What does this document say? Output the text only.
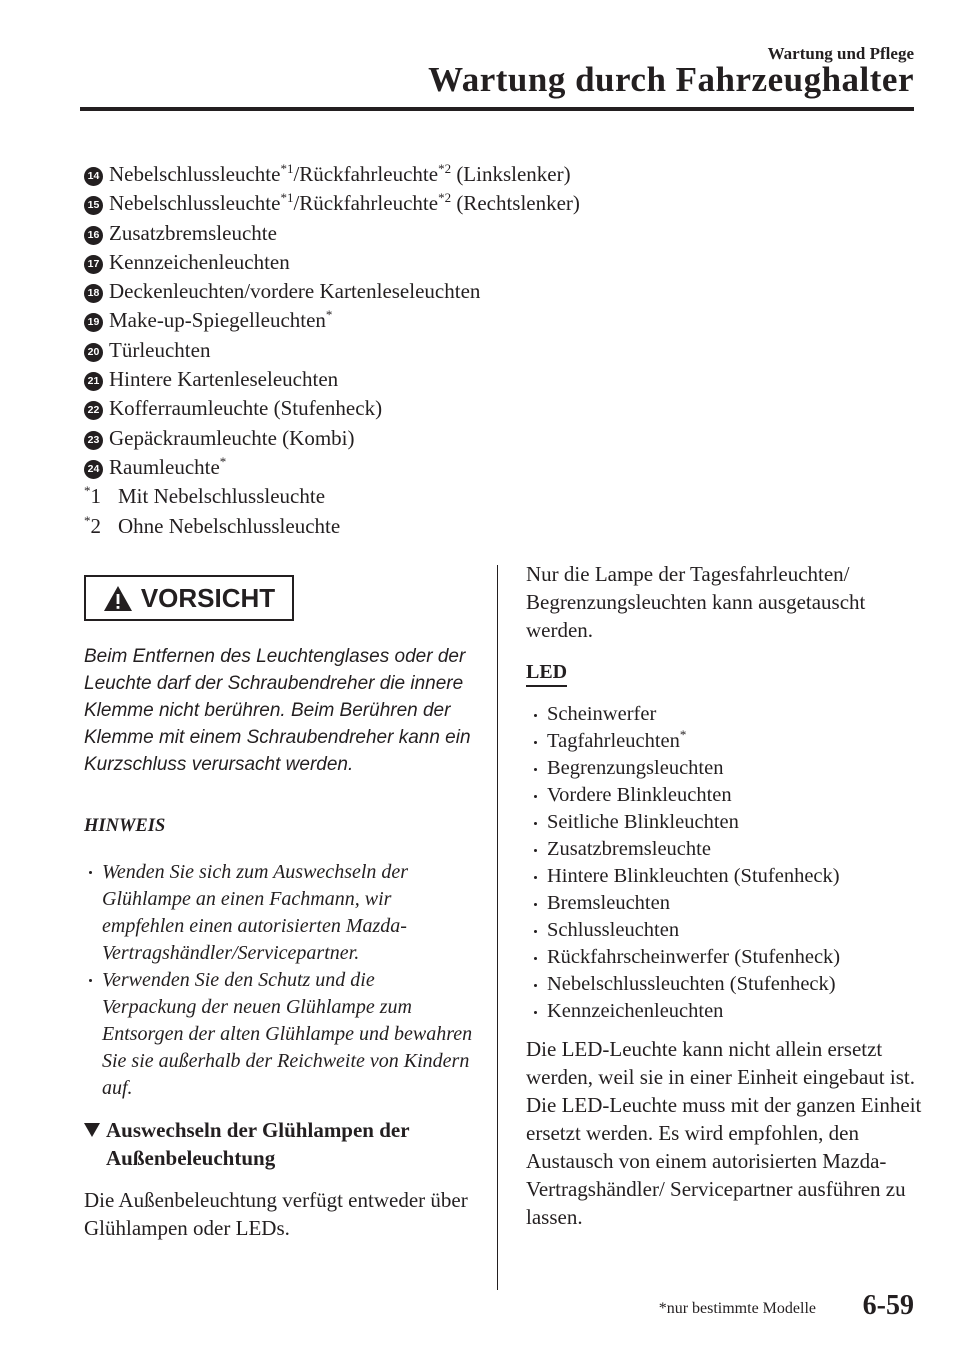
Wartung und Pflege
Wartung durch Fahrzeughalter
14 Nebelschlussleuchte$^{*1}$/Rückfahrleuchte$^{*2}$ (Linkslenker)
15 Nebelschlussleuchte$^{*1}$/Rückfahrleuchte$^{*2}$ (Rechtslenker)
16 Zusatzbremsleuchte
17 Kennzeichenleuchten
18 Deckenleuchten/vordere Kartenleseleuchten
19 Make-up-Spiegelleuchten*
20 Türleuchten
21 Hintere Kartenleseleuchten
22 Kofferraumleuchte (Stufenheck)
23 Gepäckraumleuchte (Kombi)
24 Raumleuchte*
*1 Mit Nebelschlussleuchte
*2 Ohne Nebelschlussleuchte
VORSICHT
Beim Entfernen des Leuchtenglases oder der Leuchte darf der Schraubendreher die innere Klemme nicht berühren. Beim Berühren der Klemme mit einem Schraubendreher kann ein Kurzschluss verursacht werden.
HINWEIS
Wenden Sie sich zum Auswechseln der Glühlampe an einen Fachmann, wir empfehlen einen autorisierten Mazda-Vertragshändler/Servicepartner.
Verwenden Sie den Schutz und die Verpackung der neuen Glühlampe zum Entsorgen der alten Glühlampe und bewahren Sie sie außerhalb der Reichweite von Kindern auf.
Auswechseln der Glühlampen der Außenbeleuchtung

Die Außenbeleuchtung verfügt entweder über Glühlampen oder LEDs.

Nur die Lampe der Tagesfahrleuchten/ Begrenzungsleuchten kann ausgetauscht werden.

LED
Scheinwerfer
Tagfahrleuchten*
Begrenzungsleuchten
Vordere Blinkleuchten
Seitliche Blinkleuchten
Zusatzbremsleuchte
Hintere Blinkleuchten (Stufenheck)
Bremsleuchten
Schlussleuchten
Rückfahrscheinwerfer (Stufenheck)
Nebelschlussleuchten (Stufenheck)
Kennzeichenleuchten

Die LED-Leuchte kann nicht allein ersetzt werden, weil sie in einer Einheit eingebaut ist.

Die LED-Leuchte muss mit der ganzen Einheit ersetzt werden. Es wird empfohlen, den Austausch von einem autorisierten Mazda-Vertragshändler/ Servicepartner ausführen zu lassen.

*nur bestimmte Modelle 6-59
